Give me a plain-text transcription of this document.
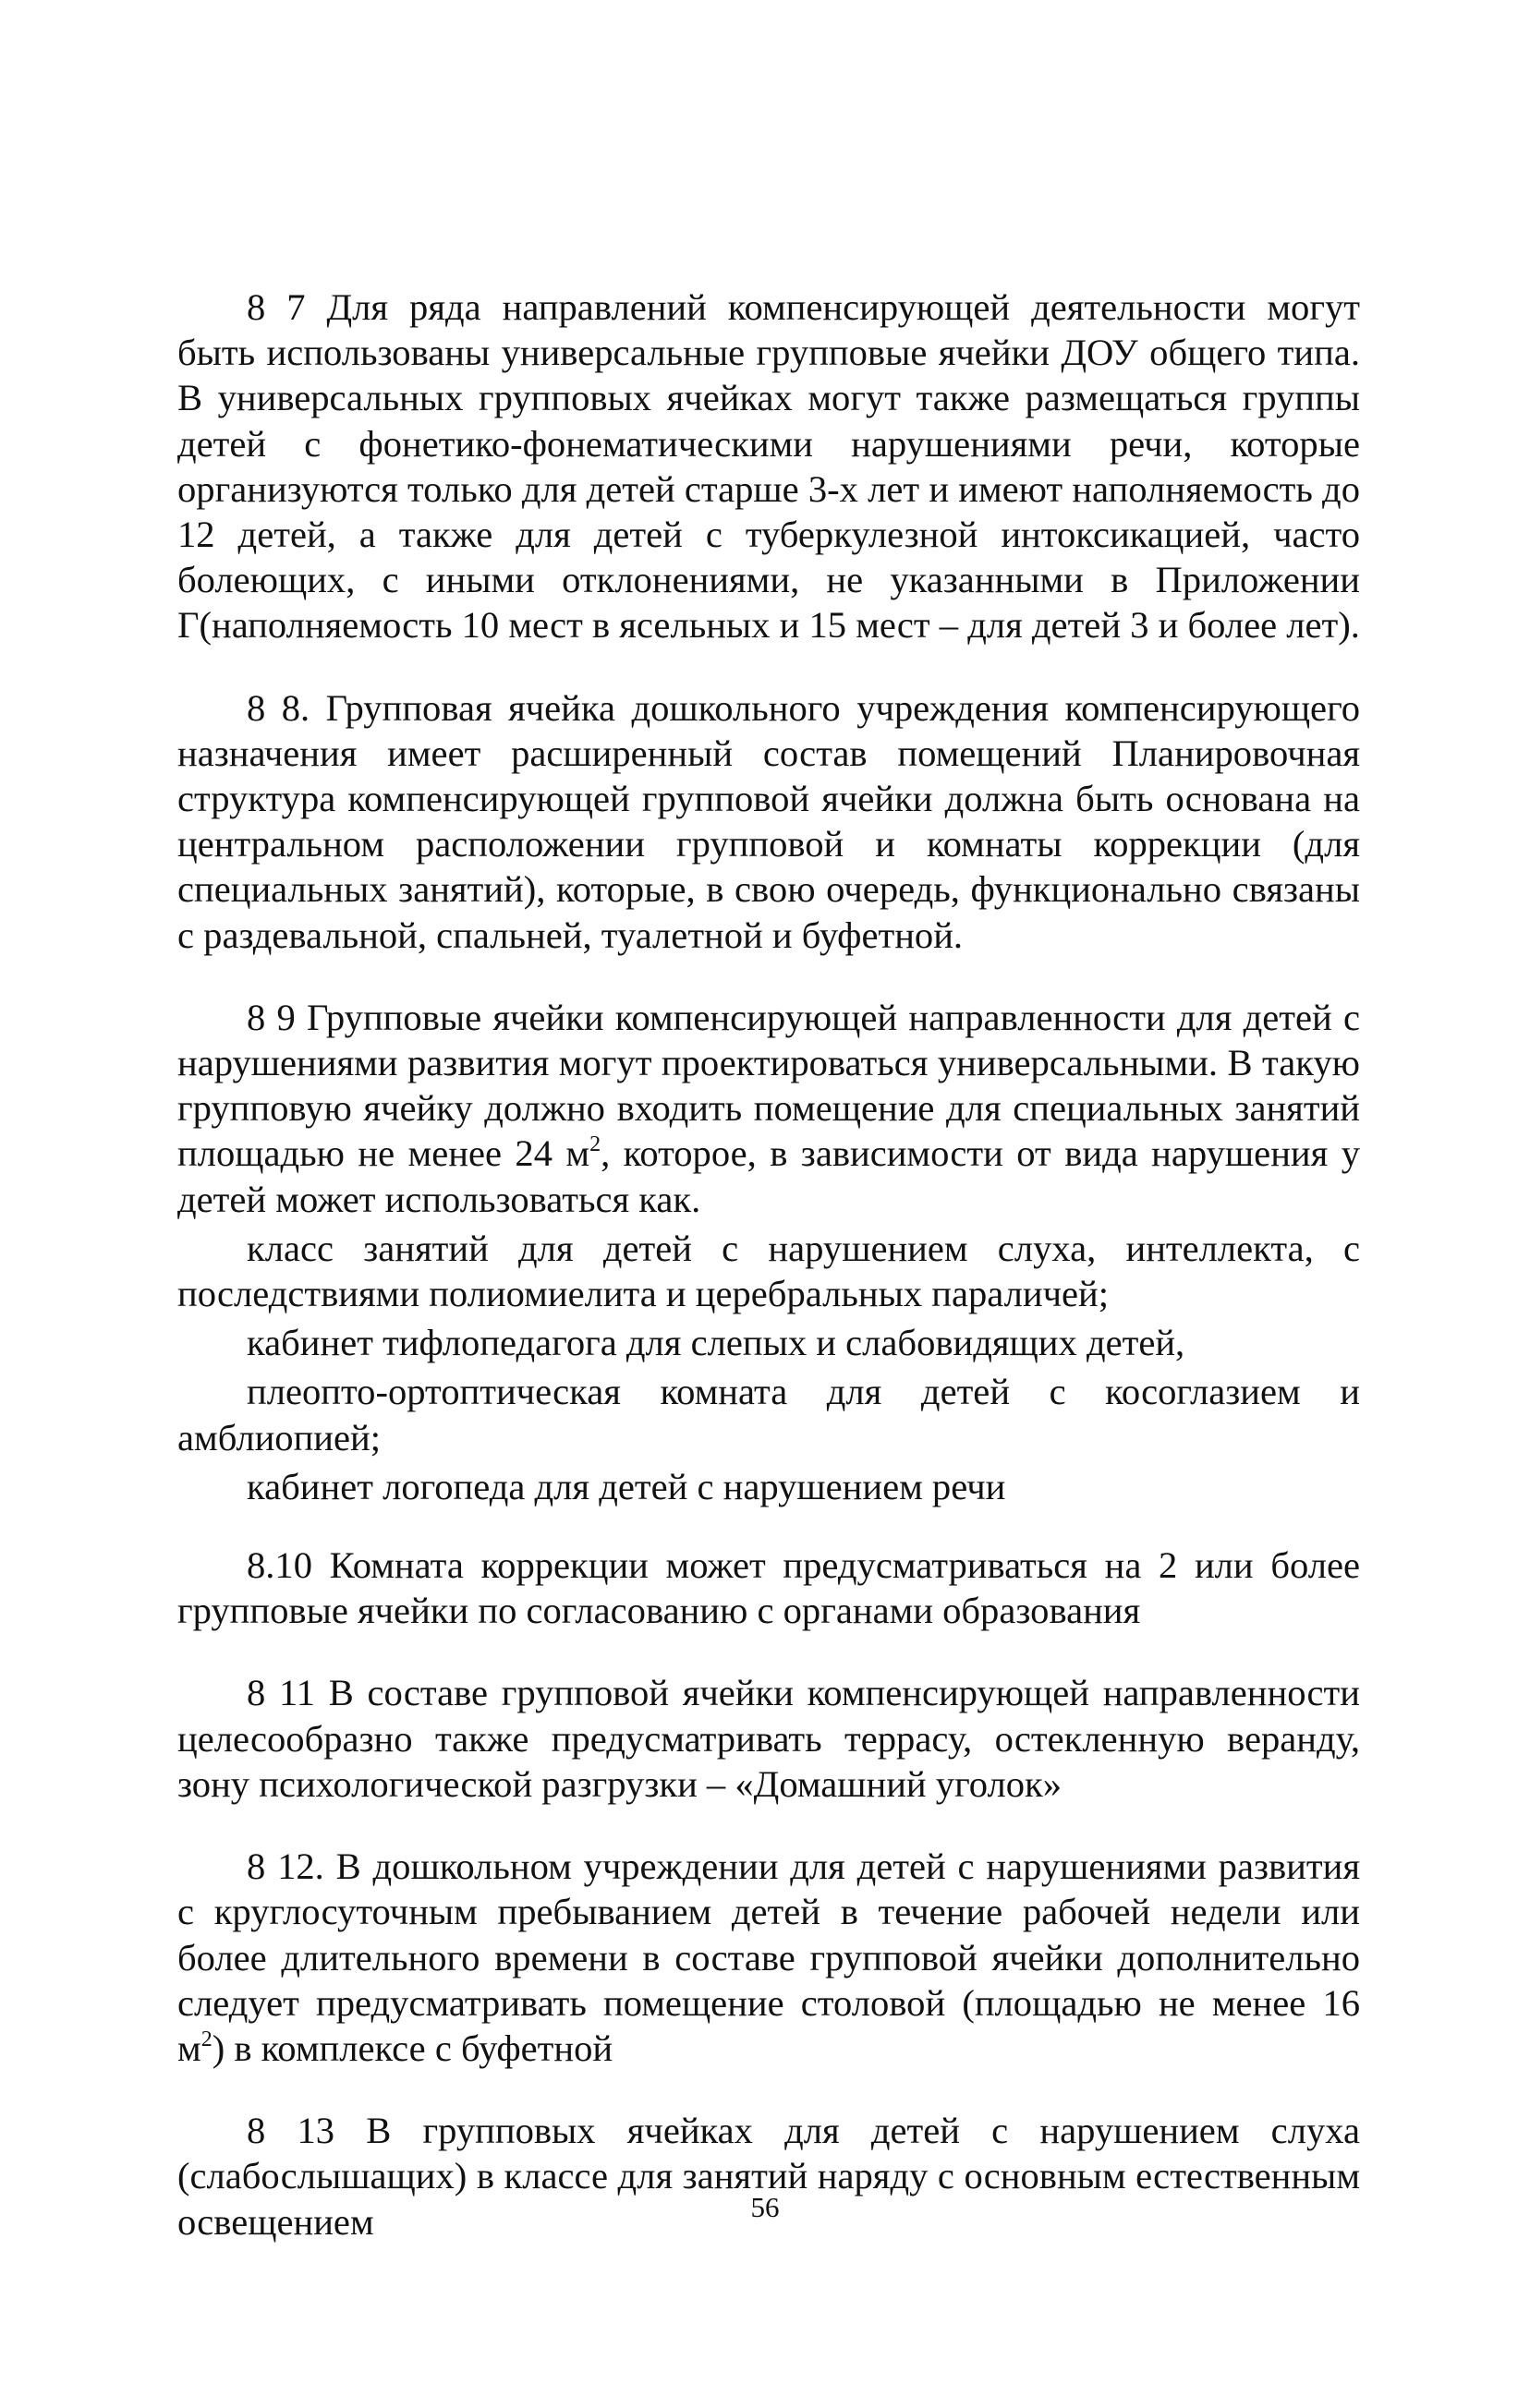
8 7 Для ряда направлений компенсирующей деятельности могут быть использованы универсальные групповые ячейки ДОУ общего типа. В универсальных групповых ячейках могут также размещаться группы детей с фонетико-фонематическими нарушениями речи, которые организуются только для детей старше 3-х лет и имеют наполняемость до 12 детей, а также для детей с туберкулезной интоксикацией, часто болеющих, с иными отклонениями, не указанными в Приложении Г(наполняемость 10 мест в ясельных и 15 мест – для детей 3 и более лет).

8 8. Групповая ячейка дошкольного учреждения компенсирующего назначения имеет расширенный состав помещений Планировочная структура компенсирующей групповой ячейки должна быть основана на центральном расположении групповой и комнаты коррекции (для специальных занятий), которые, в свою очередь, функционально связаны с раздевальной, спальней, туалетной и буфетной.

8 9 Групповые ячейки компенсирующей направленности для детей с нарушениями развития могут проектироваться универсальными. В такую групповую ячейку должно входить помещение для специальных занятий площадью не менее 24 $м^2$, которое, в зависимости от вида нарушения у детей может использоваться как.

класс занятий для детей с нарушением слуха, интеллекта, с последствиями полиомиелита и церебральных параличей;

кабинет тифлопедагога для слепых и слабовидящих детей,

плеопто-ортоптическая комната для детей с косоглазием и амблиопией;

кабинет логопеда для детей с нарушением речи

8.10 Комната коррекции может предусматриваться на 2 или более групповые ячейки по согласованию с органами образования

8 11 В составе групповой ячейки компенсирующей направленности целесообразно также предусматривать террасу, остекленную веранду, зону психологической разгрузки – «Домашний уголок»

8 12. В дошкольном учреждении для детей с нарушениями развития с круглосуточным пребыванием детей в течение рабочей недели или более длительного времени в составе групповой ячейки дополнительно следует предусматривать помещение столовой (площадью не менее 16 $м^2$) в комплексе с буфетной

8 13 В групповых ячейках для детей с нарушением слуха (слабослышащих) в классе для занятий наряду с основным естественным освещением	56
